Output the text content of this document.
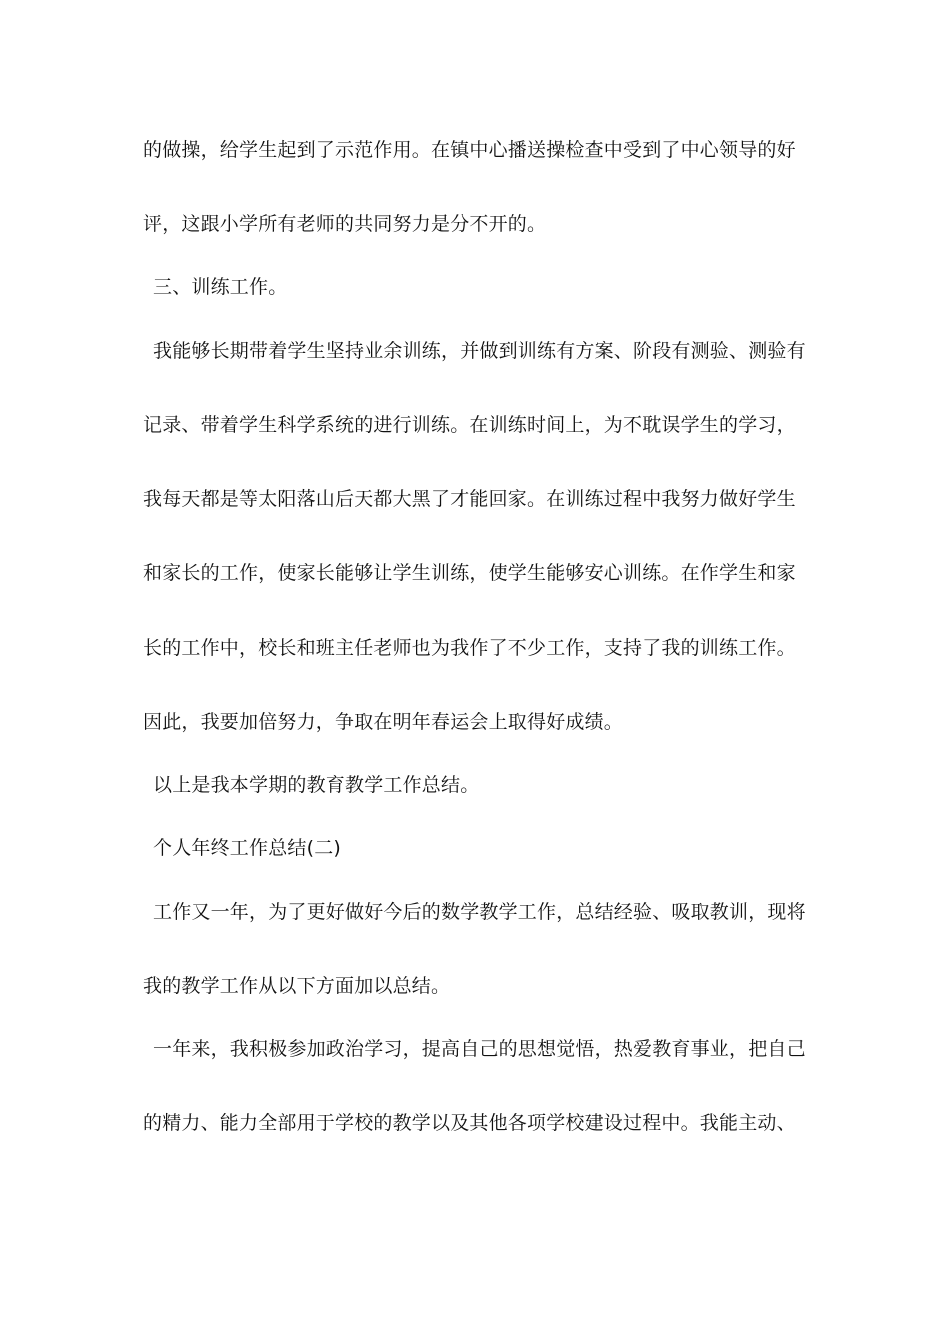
的做操，给学生起到了示范作用。在镇中心播送操检查中受到了中心领导的好
评，这跟小学所有老师的共同努力是分不开的。
三、训练工作。
我能够长期带着学生坚持业余训练，并做到训练有方案、阶段有测验、测验有
记录、带着学生科学系统的进行训练。在训练时间上，为不耽误学生的学习，
我每天都是等太阳落山后天都大黑了才能回家。在训练过程中我努力做好学生
和家长的工作，使家长能够让学生训练，使学生能够安心训练。在作学生和家
长的工作中，校长和班主任老师也为我作了不少工作，支持了我的训练工作。
因此，我要加倍努力，争取在明年春运会上取得好成绩。
以上是我本学期的教育教学工作总结。
个人年终工作总结(二)
工作又一年，为了更好做好今后的数学教学工作，总结经验、吸取教训，现将
我的教学工作从以下方面加以总结。
一年来，我积极参加政治学习，提高自己的思想觉悟，热爱教育事业，把自己
的精力、能力全部用于学校的教学以及其他各项学校建设过程中。我能主动、
